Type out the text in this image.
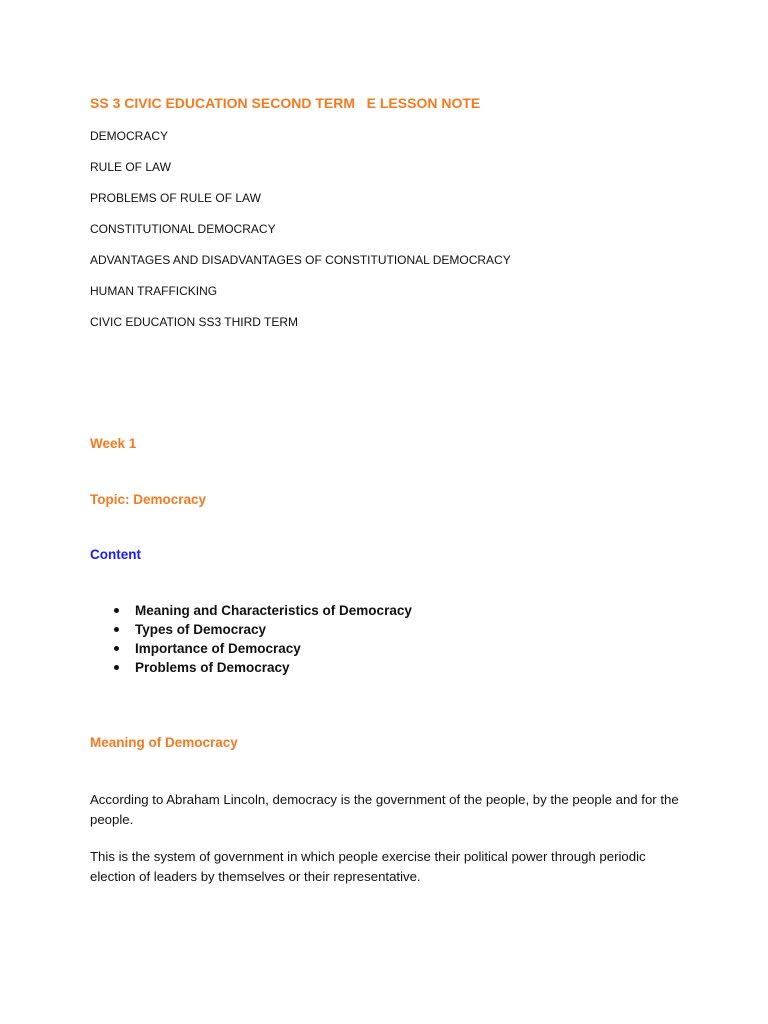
SS 3 CIVIC EDUCATION SECOND TERM   E LESSON NOTE
DEMOCRACY
RULE OF LAW
PROBLEMS OF RULE OF LAW
CONSTITUTIONAL DEMOCRACY
ADVANTAGES AND DISADVANTAGES OF CONSTITUTIONAL DEMOCRACY
HUMAN TRAFFICKING
CIVIC EDUCATION SS3 THIRD TERM
Week 1
Topic: Democracy
Content
Meaning and Characteristics of Democracy
Types of Democracy
Importance of Democracy
Problems of Democracy
Meaning of Democracy

According to Abraham Lincoln, democracy is the government of the people, by the people and for the people.

This is the system of government in which people exercise their political power through periodic election of leaders by themselves or their representative.
